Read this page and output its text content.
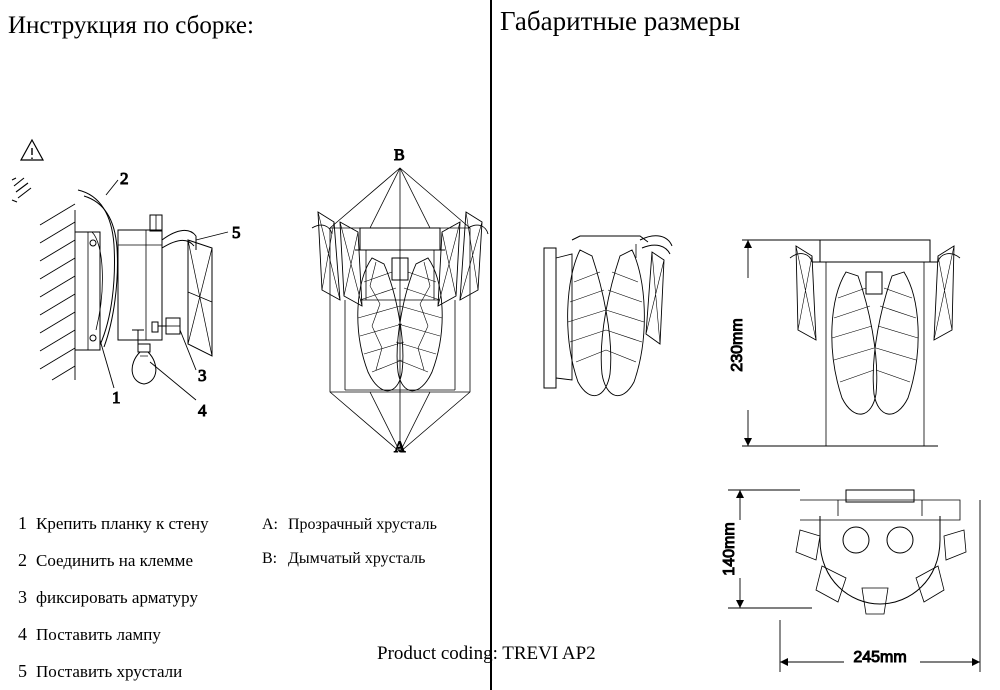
Инструкция по сборке:	Габаритные размеры
2
5
1
3
4
B
A
230mm
140mm
245mm
1 Крепить планку к стену
2 Соединить на клемме
3 фиксировать арматуру
4 Поставить лампу
5 Поставить хрустали
A: Прозрачный хрусталь
B: Дымчатый хрусталь
Product coding: TREVI AP2
